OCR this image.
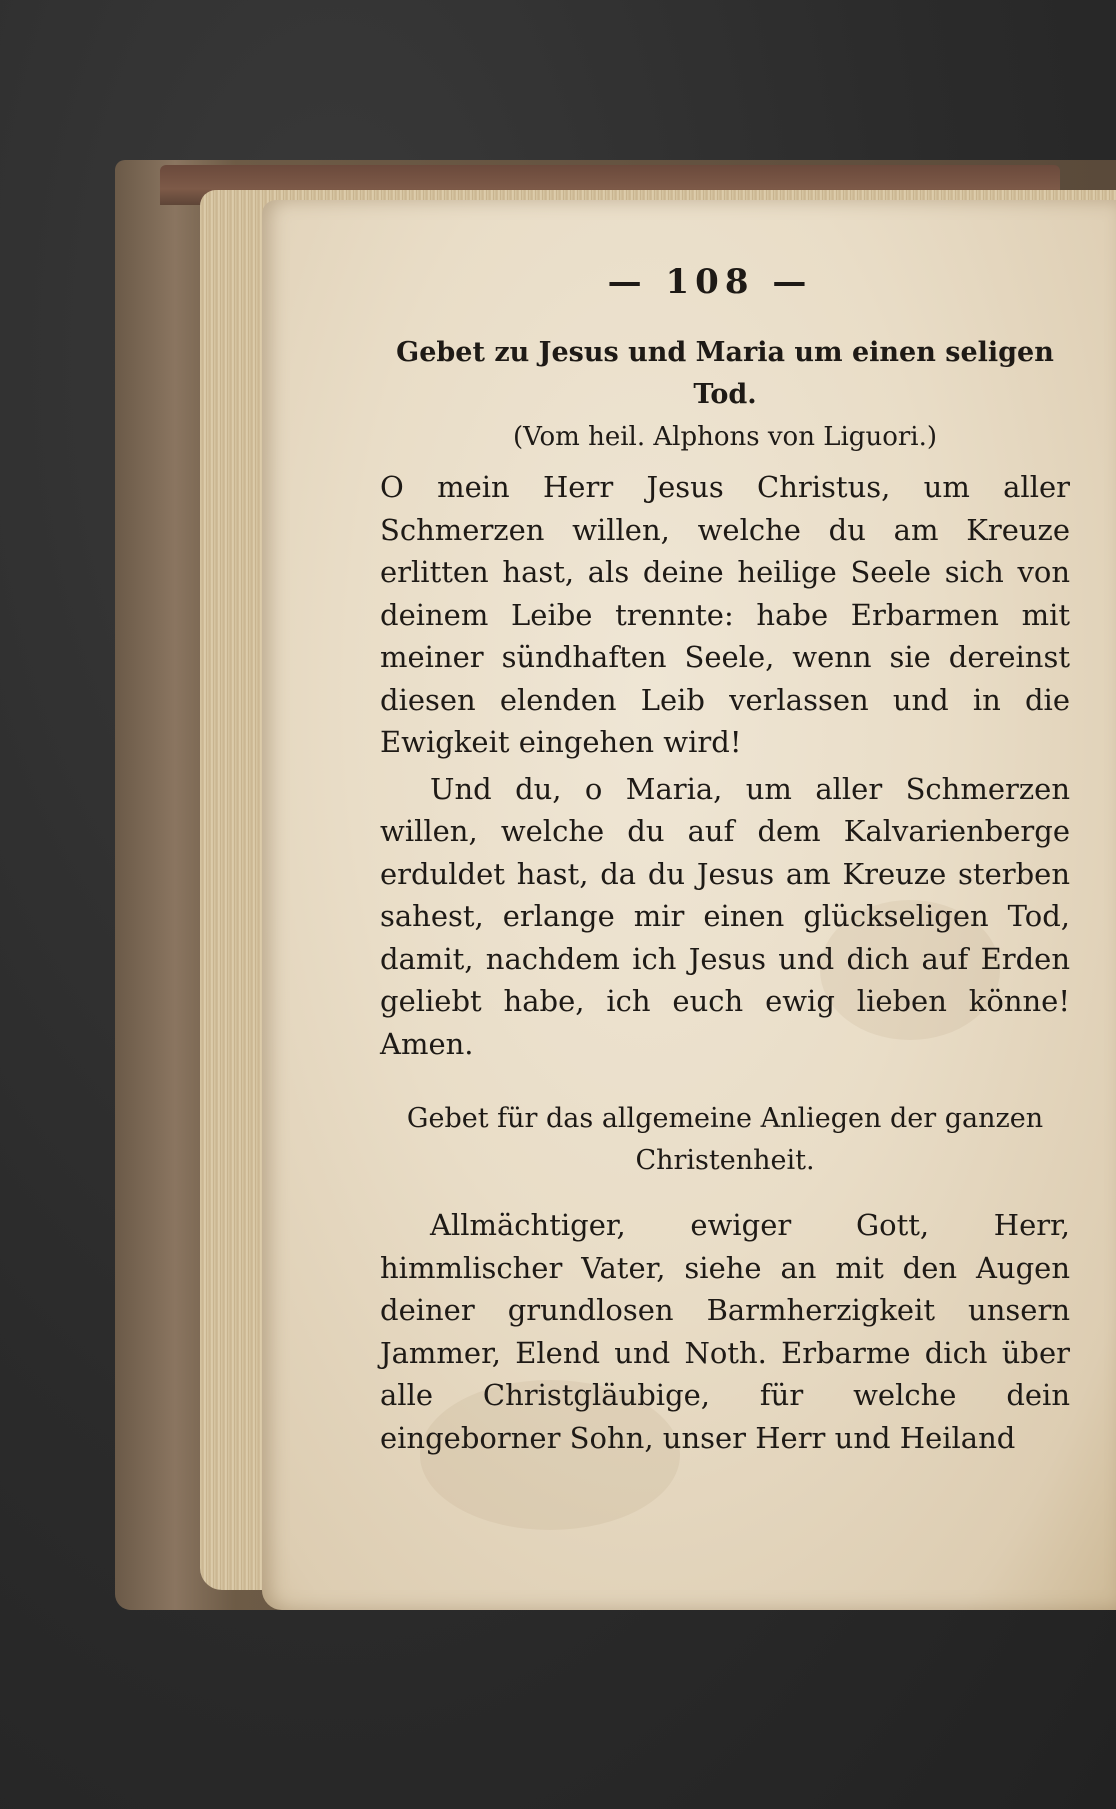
— 108 —
Gebet zu Jesus und Maria um einen seligen Tod.
(Vom heil. Alphons von Liguori.)

O mein Herr Jesus Christus, um aller Schmerzen willen, welche du am Kreuze erlitten hast, als deine heilige Seele sich von deinem Leibe trennte: habe Erbarmen mit meiner sündhaften Seele, wenn sie dereinst diesen elenden Leib verlassen und in die Ewigkeit eingehen wird!

Und du, o Maria, um aller Schmerzen willen, welche du auf dem Kalvarienberge erduldet hast, da du Jesus am Kreuze sterben sahest, erlange mir einen glückseligen Tod, damit, nachdem ich Jesus und dich auf Erden geliebt habe, ich euch ewig lieben könne! Amen.

Gebet für das allgemeine Anliegen der ganzen Christenheit.

Allmächtiger, ewiger Gott, Herr, himmlischer Vater, siehe an mit den Augen deiner grundlosen Barmherzigkeit unsern Jammer, Elend und Noth. Erbarme dich über alle Christgläubige, für welche dein eingeborner Sohn, unser Herr und Heiland
